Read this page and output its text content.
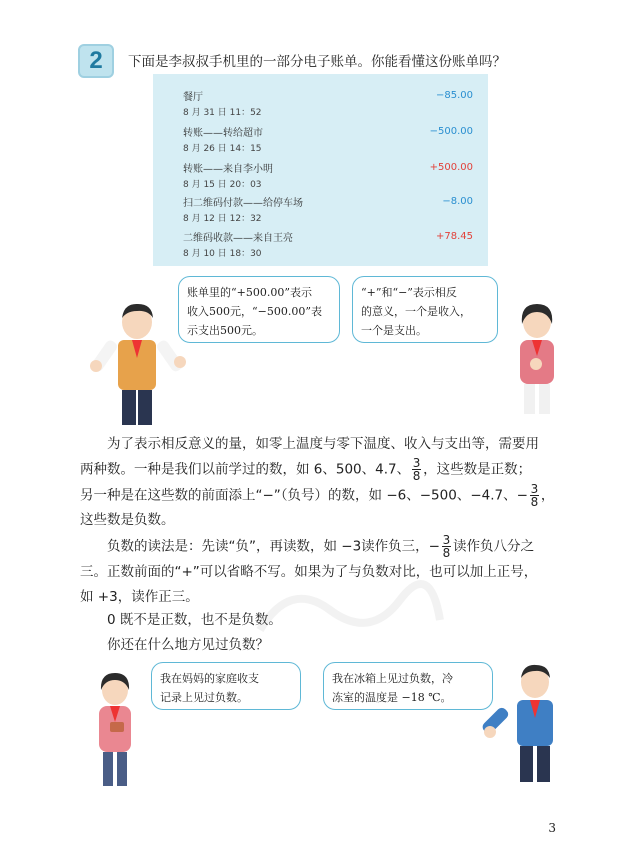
2	下面是李叔叔手机里的一部分电子账单。你能看懂这份账单吗？
餐厅
8 月 31 日 11：52
−85.00
转账——转给超市
8 月 26 日 14：15
−500.00
转账——来自李小明
8 月 15 日 20：03
+500.00
扫二维码付款——给停车场
8 月 12 日 12：32
−8.00
二维码收款——来自王亮
8 月 10 日 18：30
+78.45
账单里的“+500.00”表示
收入500元，“−500.00”表
示支出500元。
“+”和“−”表示相反
的意义，一个是收入，
一个是支出。
为了表示相反意义的量，如零上温度与零下温度、收入与支出等，需要用
两种数。一种是我们以前学过的数，如 6、500、4.7、 $\frac{3}{8}$ ，这些数是正数；
另一种是在这些数的前面添上“−”（负号）的数，如 −6、−500、−4.7、− $\frac{3}{8}$ ，
这些数是负数。
负数的读法是：先读“负”，再读数，如 −3读作负三，− $\frac{3}{8}$ 读作负八分之
三。正数前面的“+”可以省略不写。如果为了与负数对比，也可以加上正号，
如 +3，读作正三。
0 既不是正数，也不是负数。
你还在什么地方见过负数？
我在妈妈的家庭收支
记录上见过负数。
我在冰箱上见过负数，冷
冻室的温度是 −18 ℃。
3
